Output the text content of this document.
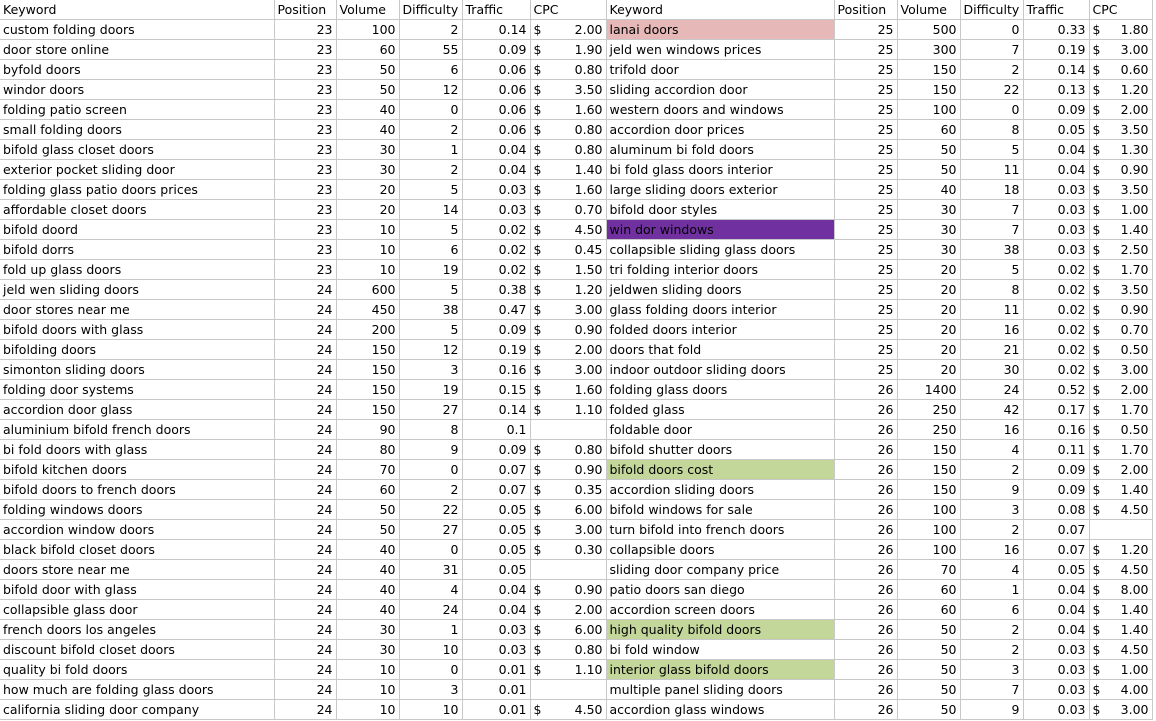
Keyword	Position	Volume	Difficulty	Traffic	CPC	Keyword	Position	Volume	Difficulty	Traffic	CPC
custom folding doors	23	100	2	0.14	$ 2.00	lanai doors	25	500	0	0.33	$ 1.80

door store online	23	60	55	0.09	$ 1.90	jeld wen windows prices	25	300	7	0.19	$ 3.00

byfold doors	23	50	6	0.06	$ 0.80	trifold door	25	150	2	0.14	$ 0.60

windor doors	23	50	12	0.06	$ 3.50	sliding accordion door	25	150	22	0.13	$ 1.20

folding patio screen	23	40	0	0.06	$ 1.60	western doors and windows	25	100	0	0.09	$ 2.00

small folding doors	23	40	2	0.06	$ 0.80	accordion door prices	25	60	8	0.05	$ 3.50

bifold glass closet doors	23	30	1	0.04	$ 0.80	aluminum bi fold doors	25	50	5	0.04	$ 1.30

exterior pocket sliding door	23	30	2	0.04	$ 1.40	bi fold glass doors interior	25	50	11	0.04	$ 0.90

folding glass patio doors prices	23	20	5	0.03	$ 1.60	large sliding doors exterior	25	40	18	0.03	$ 3.50

affordable closet doors	23	20	14	0.03	$ 0.70	bifold door styles	25	30	7	0.03	$ 1.00

bifold doord	23	10	5	0.02	$ 4.50	win dor windows	25	30	7	0.03	$ 1.40

bifold dorrs	23	10	6	0.02	$ 0.45	collapsible sliding glass doors	25	30	38	0.03	$ 2.50

fold up glass doors	23	10	19	0.02	$ 1.50	tri folding interior doors	25	20	5	0.02	$ 1.70

jeld wen sliding doors	24	600	5	0.38	$ 1.20	jeldwen sliding doors	25	20	8	0.02	$ 3.50

door stores near me	24	450	38	0.47	$ 3.00	glass folding doors interior	25	20	11	0.02	$ 0.90

bifold doors with glass	24	200	5	0.09	$ 0.90	folded doors interior	25	20	16	0.02	$ 0.70

bifolding doors	24	150	12	0.19	$ 2.00	doors that fold	25	20	21	0.02	$ 0.50

simonton sliding doors	24	150	3	0.16	$ 3.00	indoor outdoor sliding doors	25	20	30	0.02	$ 3.00

folding door systems	24	150	19	0.15	$ 1.60	folding glass doors	26	1400	24	0.52	$ 2.00

accordion door glass	24	150	27	0.14	$ 1.10	folded glass	26	250	42	0.17	$ 1.70

aluminium bifold french doors	24	90	8	0.1		foldable door	26	250	16	0.16	$ 0.50

bi fold doors with glass	24	80	9	0.09	$ 0.80	bifold shutter doors	26	150	4	0.11	$ 1.70

bifold kitchen doors	24	70	0	0.07	$ 0.90	bifold doors cost	26	150	2	0.09	$ 2.00

bifold doors to french doors	24	60	2	0.07	$ 0.35	accordion sliding doors	26	150	9	0.09	$ 1.40

folding windows doors	24	50	22	0.05	$ 6.00	bifold windows for sale	26	100	3	0.08	$ 4.50

accordion window doors	24	50	27	0.05	$ 3.00	turn bifold into french doors	26	100	2	0.07	
black bifold closet doors	24	40	0	0.05	$ 0.30	collapsible doors	26	100	16	0.07	$ 1.20

doors store near me	24	40	31	0.05		sliding door company price	26	70	4	0.05	$ 4.50

bifold door with glass	24	40	4	0.04	$ 0.90	patio doors san diego	26	60	1	0.04	$ 8.00

collapsible glass door	24	40	24	0.04	$ 2.00	accordion screen doors	26	60	6	0.04	$ 1.40

french doors los angeles	24	30	1	0.03	$ 6.00	high quality bifold doors	26	50	2	0.04	$ 1.40

discount bifold closet doors	24	30	10	0.03	$ 0.80	bi fold window	26	50	2	0.03	$ 4.50

quality bi fold doors	24	10	0	0.01	$ 1.10	interior glass bifold doors	26	50	3	0.03	$ 1.00

how much are folding glass doors	24	10	3	0.01		multiple panel sliding doors	26	50	7	0.03	$ 4.00

california sliding door company	24	10	10	0.01	$ 4.50	accordion glass windows	26	50	9	0.03	$ 3.00
